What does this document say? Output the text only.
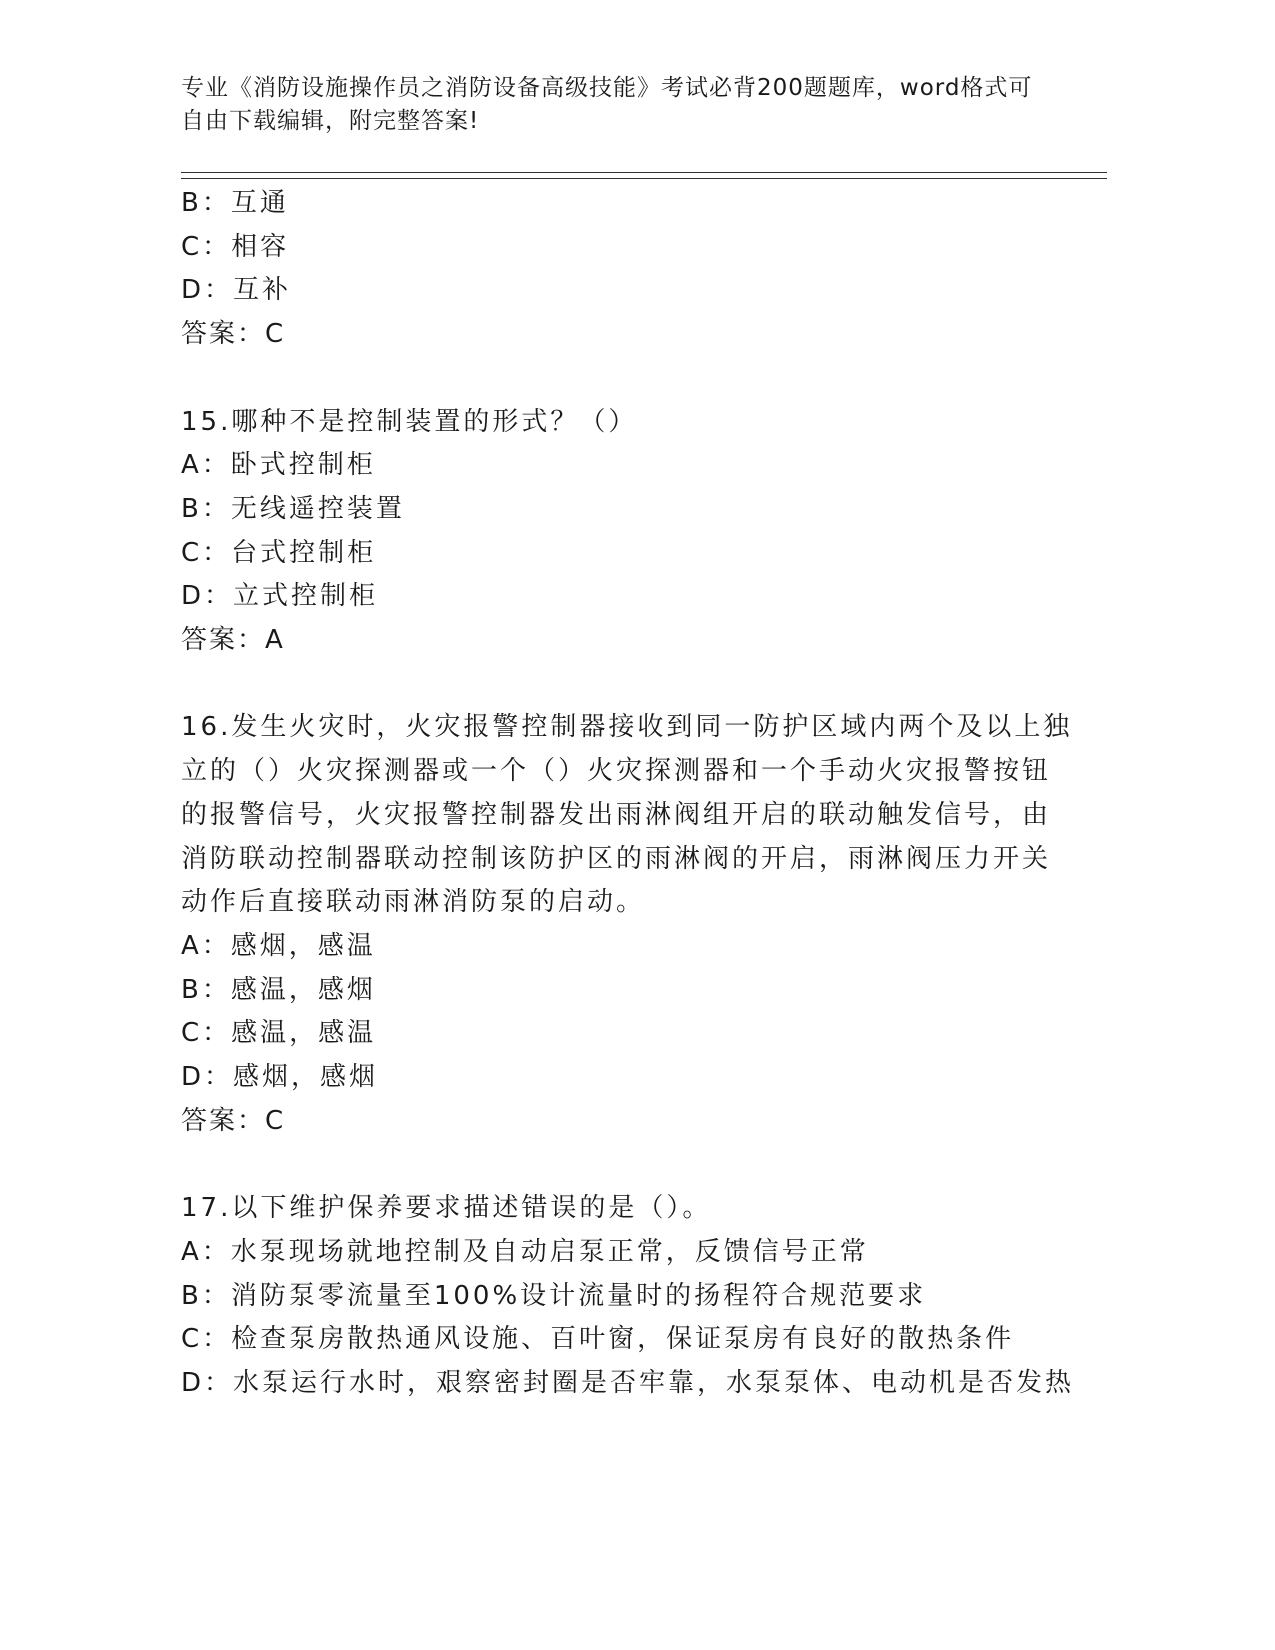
专业《消防设施操作员之消防设备高级技能》考试必背200题题库，word格式可自由下载编辑，附完整答案!
B：互通
C：相容
D：互补
答案：C
15.哪种不是控制装置的形式？（）
A：卧式控制柜
B：无线遥控装置
C：台式控制柜
D：立式控制柜
答案：A
16.发生火灾时，火灾报警控制器接收到同一防护区域内两个及以上独
立的（）火灾探测器或一个（）火灾探测器和一个手动火灾报警按钮
的报警信号，火灾报警控制器发出雨淋阀组开启的联动触发信号，由
消防联动控制器联动控制该防护区的雨淋阀的开启，雨淋阀压力开关
动作后直接联动雨淋消防泵的启动。
A：感烟，感温
B：感温，感烟
C：感温，感温
D：感烟，感烟
答案：C
17.以下维护保养要求描述错误的是（）。
A：水泵现场就地控制及自动启泵正常，反馈信号正常
B：消防泵零流量至100%设计流量时的扬程符合规范要求
C：检查泵房散热通风设施、百叶窗，保证泵房有良好的散热条件
D：水泵运行水时，艰察密封圈是否牢靠，水泵泵体、电动机是否发热
